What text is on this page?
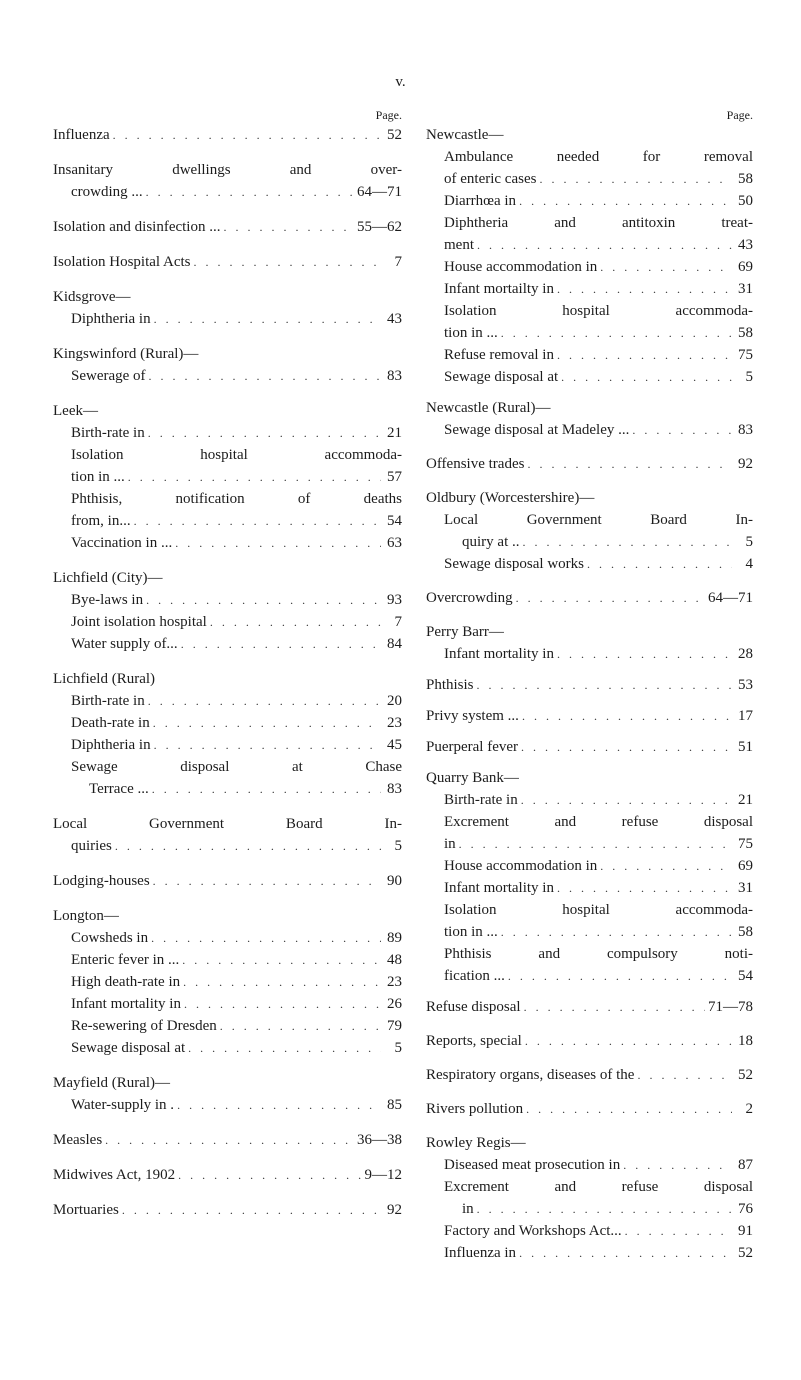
v.
Page.
Influenza . . .	52
Insanitary dwellings and over-
crowding ... . . .	64—71
Isolation and disinfection ... . . .	55—62
Isolation Hospital Acts . . .	7
Kidsgrove—
Diphtheria in . . .	43
Kingswinford (Rural)—
Sewerage of . . .	83
Leek—
Birth-rate in . . .	21
Isolation hospital accommoda-
tion in ... . . .	57
Phthisis, notification of deaths
from, in... . . .	54
Vaccination in ... . . .	63
Lichfield (City)—
Bye-laws in . . .	93
Joint isolation hospital . . .	7
Water supply of... . . .	84
Lichfield (Rural)
Birth-rate in . . .	20
Death-rate in . . .	23
Diphtheria in . . .	45
Sewage disposal at Chase
Terrace ... . . .	83
Local Government Board In-
quiries . . .	5
Lodging-houses . . .	90
Longton—
Cowsheds in . . .	89
Enteric fever in ... . . .	48
High death-rate in . . .	23
Infant mortality in . . .	26
Re-sewering of Dresden . . .	79
Sewage disposal at . . .	5
Mayfield (Rural)—
Water-supply in . . . .	85
Measles . . .	36—38
Midwives Act, 1902 . . .	9—12
Mortuaries . . .	92
Page.
Newcastle—
Ambulance needed for removal
of enteric cases . . .	58
Diarrhœa in . . .	50
Diphtheria and antitoxin treat-
ment . . .	43
House accommodation in . . .	69
Infant mortailty in . . .	31
Isolation hospital accommoda-
tion in ... . . .	58
Refuse removal in . . .	75
Sewage disposal at . . .	5
Newcastle (Rural)—
Sewage disposal at Madeley ... . . .	83
Offensive trades . . .	92
Oldbury (Worcestershire)—
Local Government Board In-
quiry at .. . . .	5
Sewage disposal works . . .	4
Overcrowding . . .	64—71
Perry Barr—
Infant mortality in . . .	28
Phthisis . . .	53
Privy system ... . . .	17
Puerperal fever . . .	51
Quarry Bank—
Birth-rate in . . .	21
Excrement and refuse disposal
in . . .	75
House accommodation in . . .	69
Infant mortality in . . .	31
Isolation hospital accommoda-
tion in ... . . .	58
Phthisis and compulsory noti-
fication ... . . .	54
Refuse disposal . . .	71—78
Reports, special . . .	18
Respiratory organs, diseases of the . . .	52
Rivers pollution . . .	2
Rowley Regis—
Diseased meat prosecution in . . .	87
Excrement and refuse disposal
in . . .	76
Factory and Workshops Act... . . .	91
Influenza in . . .	52
